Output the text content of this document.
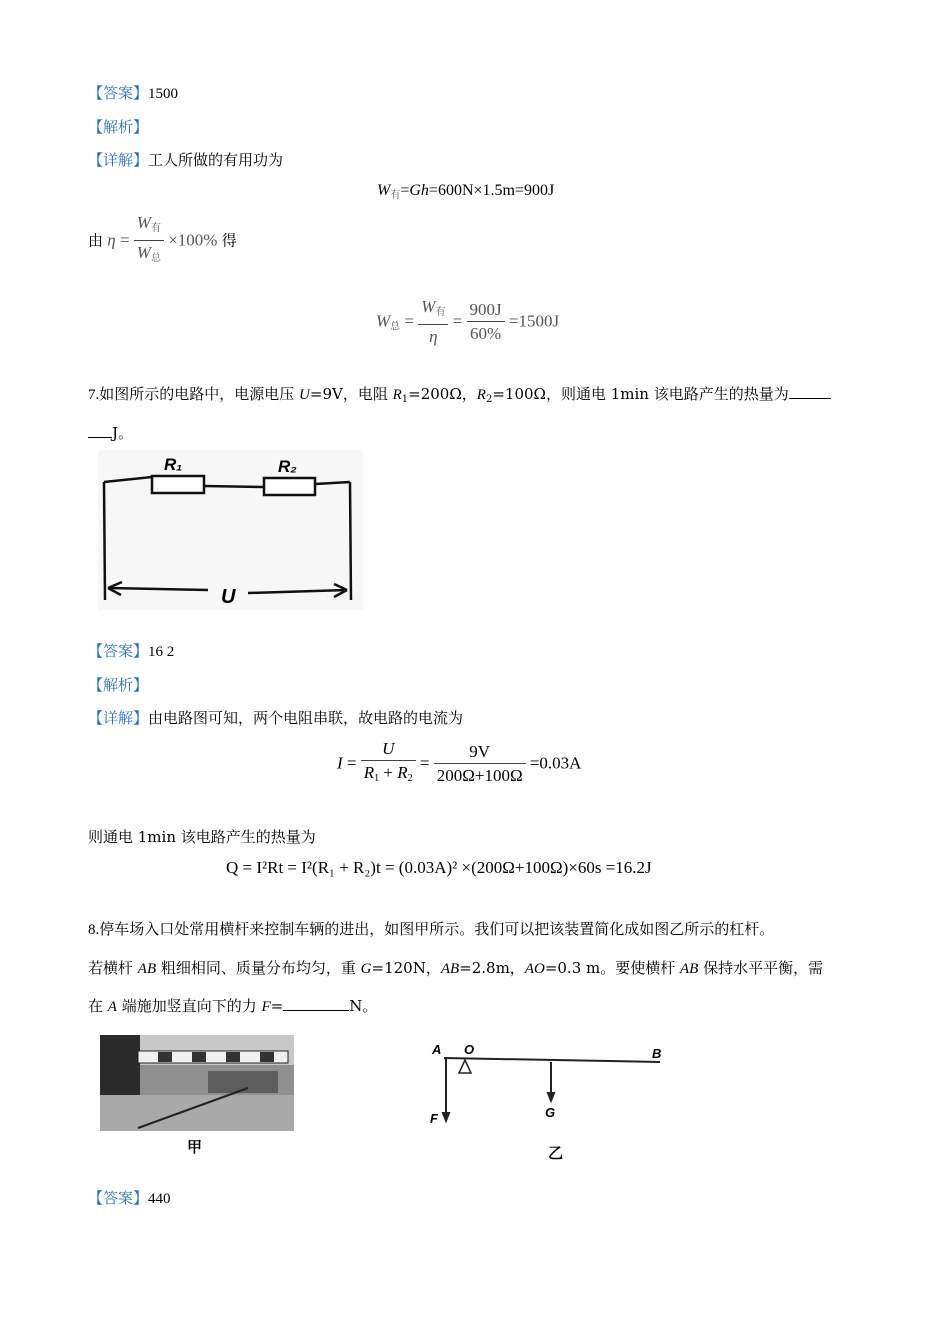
【答案】1500
【解析】
【详解】工人所做的有用功为
$W_有=Gh=600N\times 1.5m=900J$
由 $\eta = \frac{W_有}{W_总} \times 100\%$ 得
$W_总 = \frac{W_有}{\eta} = \frac{900J}{60\%} =1500J$
7.如图所示的电路中，电源电压 U=9V，电阻 $R_1=200\Omega$，$R_2=100\Omega$，则通电 1min 该电路产生的热量为
J。
R₁	R₂
U
【答案】16 2
【解析】
【详解】由电路图可知，两个电阻串联，故电路的电流为
$I = \frac{U}{R_1 + R_2} = \frac{9V}{200\Omega+100\Omega} =0.03A$
则通电 1min 该电路产生的热量为
Q = I²Rt = I²(R₁ + R₂)t = (0.03A)² ×(200Ω+100Ω)×60s =16.2J
8.停车场入口处常用横杆来控制车辆的进出，如图甲所示。我们可以把该装置简化成如图乙所示的杠杆。
若横杆 AB 粗细相同、质量分布均匀，重 G=120N，AB=2.8m，AO=0.3 m。要使横杆 AB 保持水平平衡，需
在 A 端施加竖直向下的力 F=	N。
甲
A O	B
G
F
乙
【答案】440
